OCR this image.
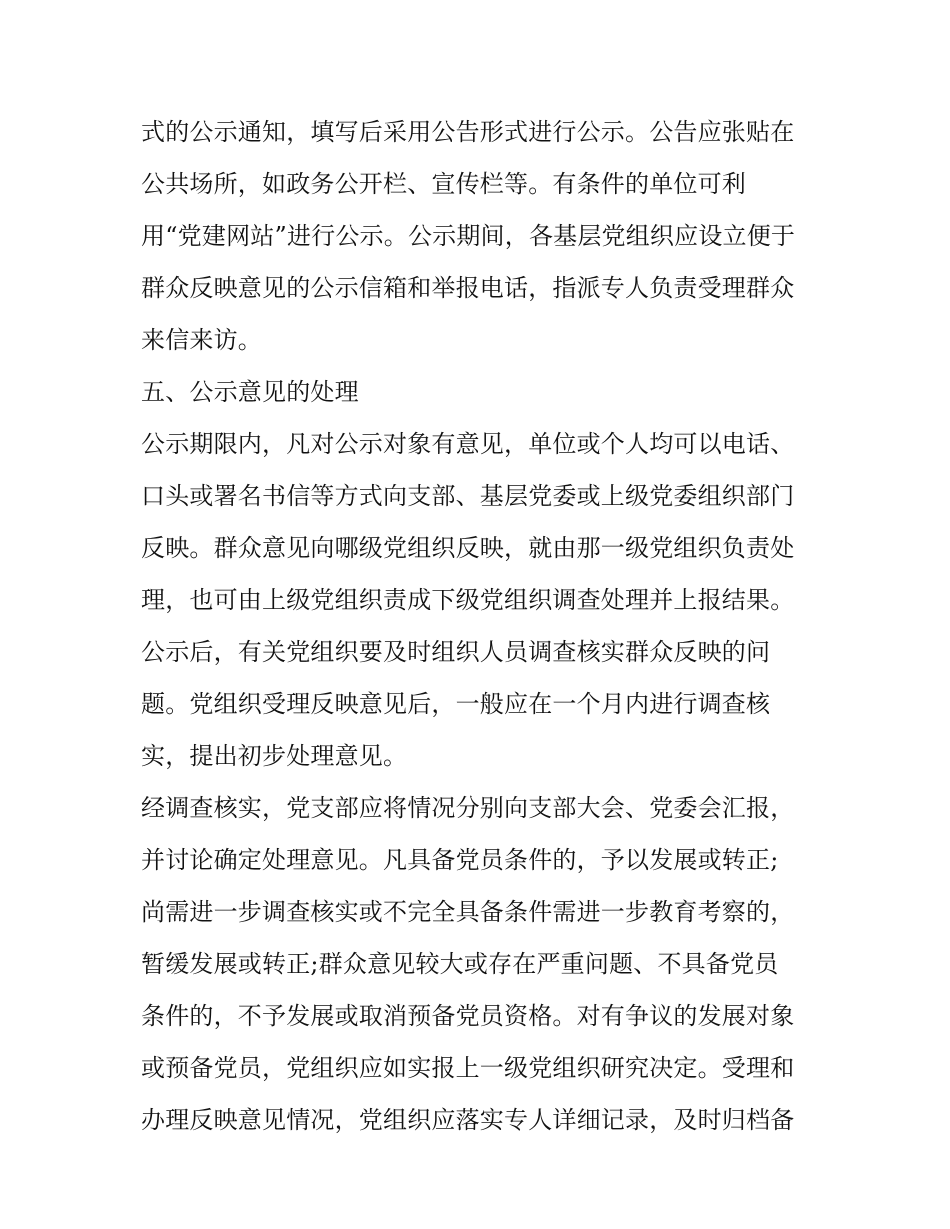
式的公示通知，填写后采用公告形式进行公示。公告应张贴在
公共场所，如政务公开栏、宣传栏等。有条件的单位可利
用“党建网站”进行公示。公示期间，各基层党组织应设立便于
群众反映意见的公示信箱和举报电话，指派专人负责受理群众
来信来访。
五、公示意见的处理
公示期限内，凡对公示对象有意见，单位或个人均可以电话、
口头或署名书信等方式向支部、基层党委或上级党委组织部门
反映。群众意见向哪级党组织反映，就由那一级党组织负责处
理，也可由上级党组织责成下级党组织调查处理并上报结果。
公示后，有关党组织要及时组织人员调查核实群众反映的问
题。党组织受理反映意见后，一般应在一个月内进行调查核
实，提出初步处理意见。
经调查核实，党支部应将情况分别向支部大会、党委会汇报，
并讨论确定处理意见。凡具备党员条件的，予以发展或转正;
尚需进一步调查核实或不完全具备条件需进一步教育考察的，
暂缓发展或转正;群众意见较大或存在严重问题、不具备党员
条件的，不予发展或取消预备党员资格。对有争议的发展对象
或预备党员，党组织应如实报上一级党组织研究决定。受理和
办理反映意见情况，党组织应落实专人详细记录，及时归档备
